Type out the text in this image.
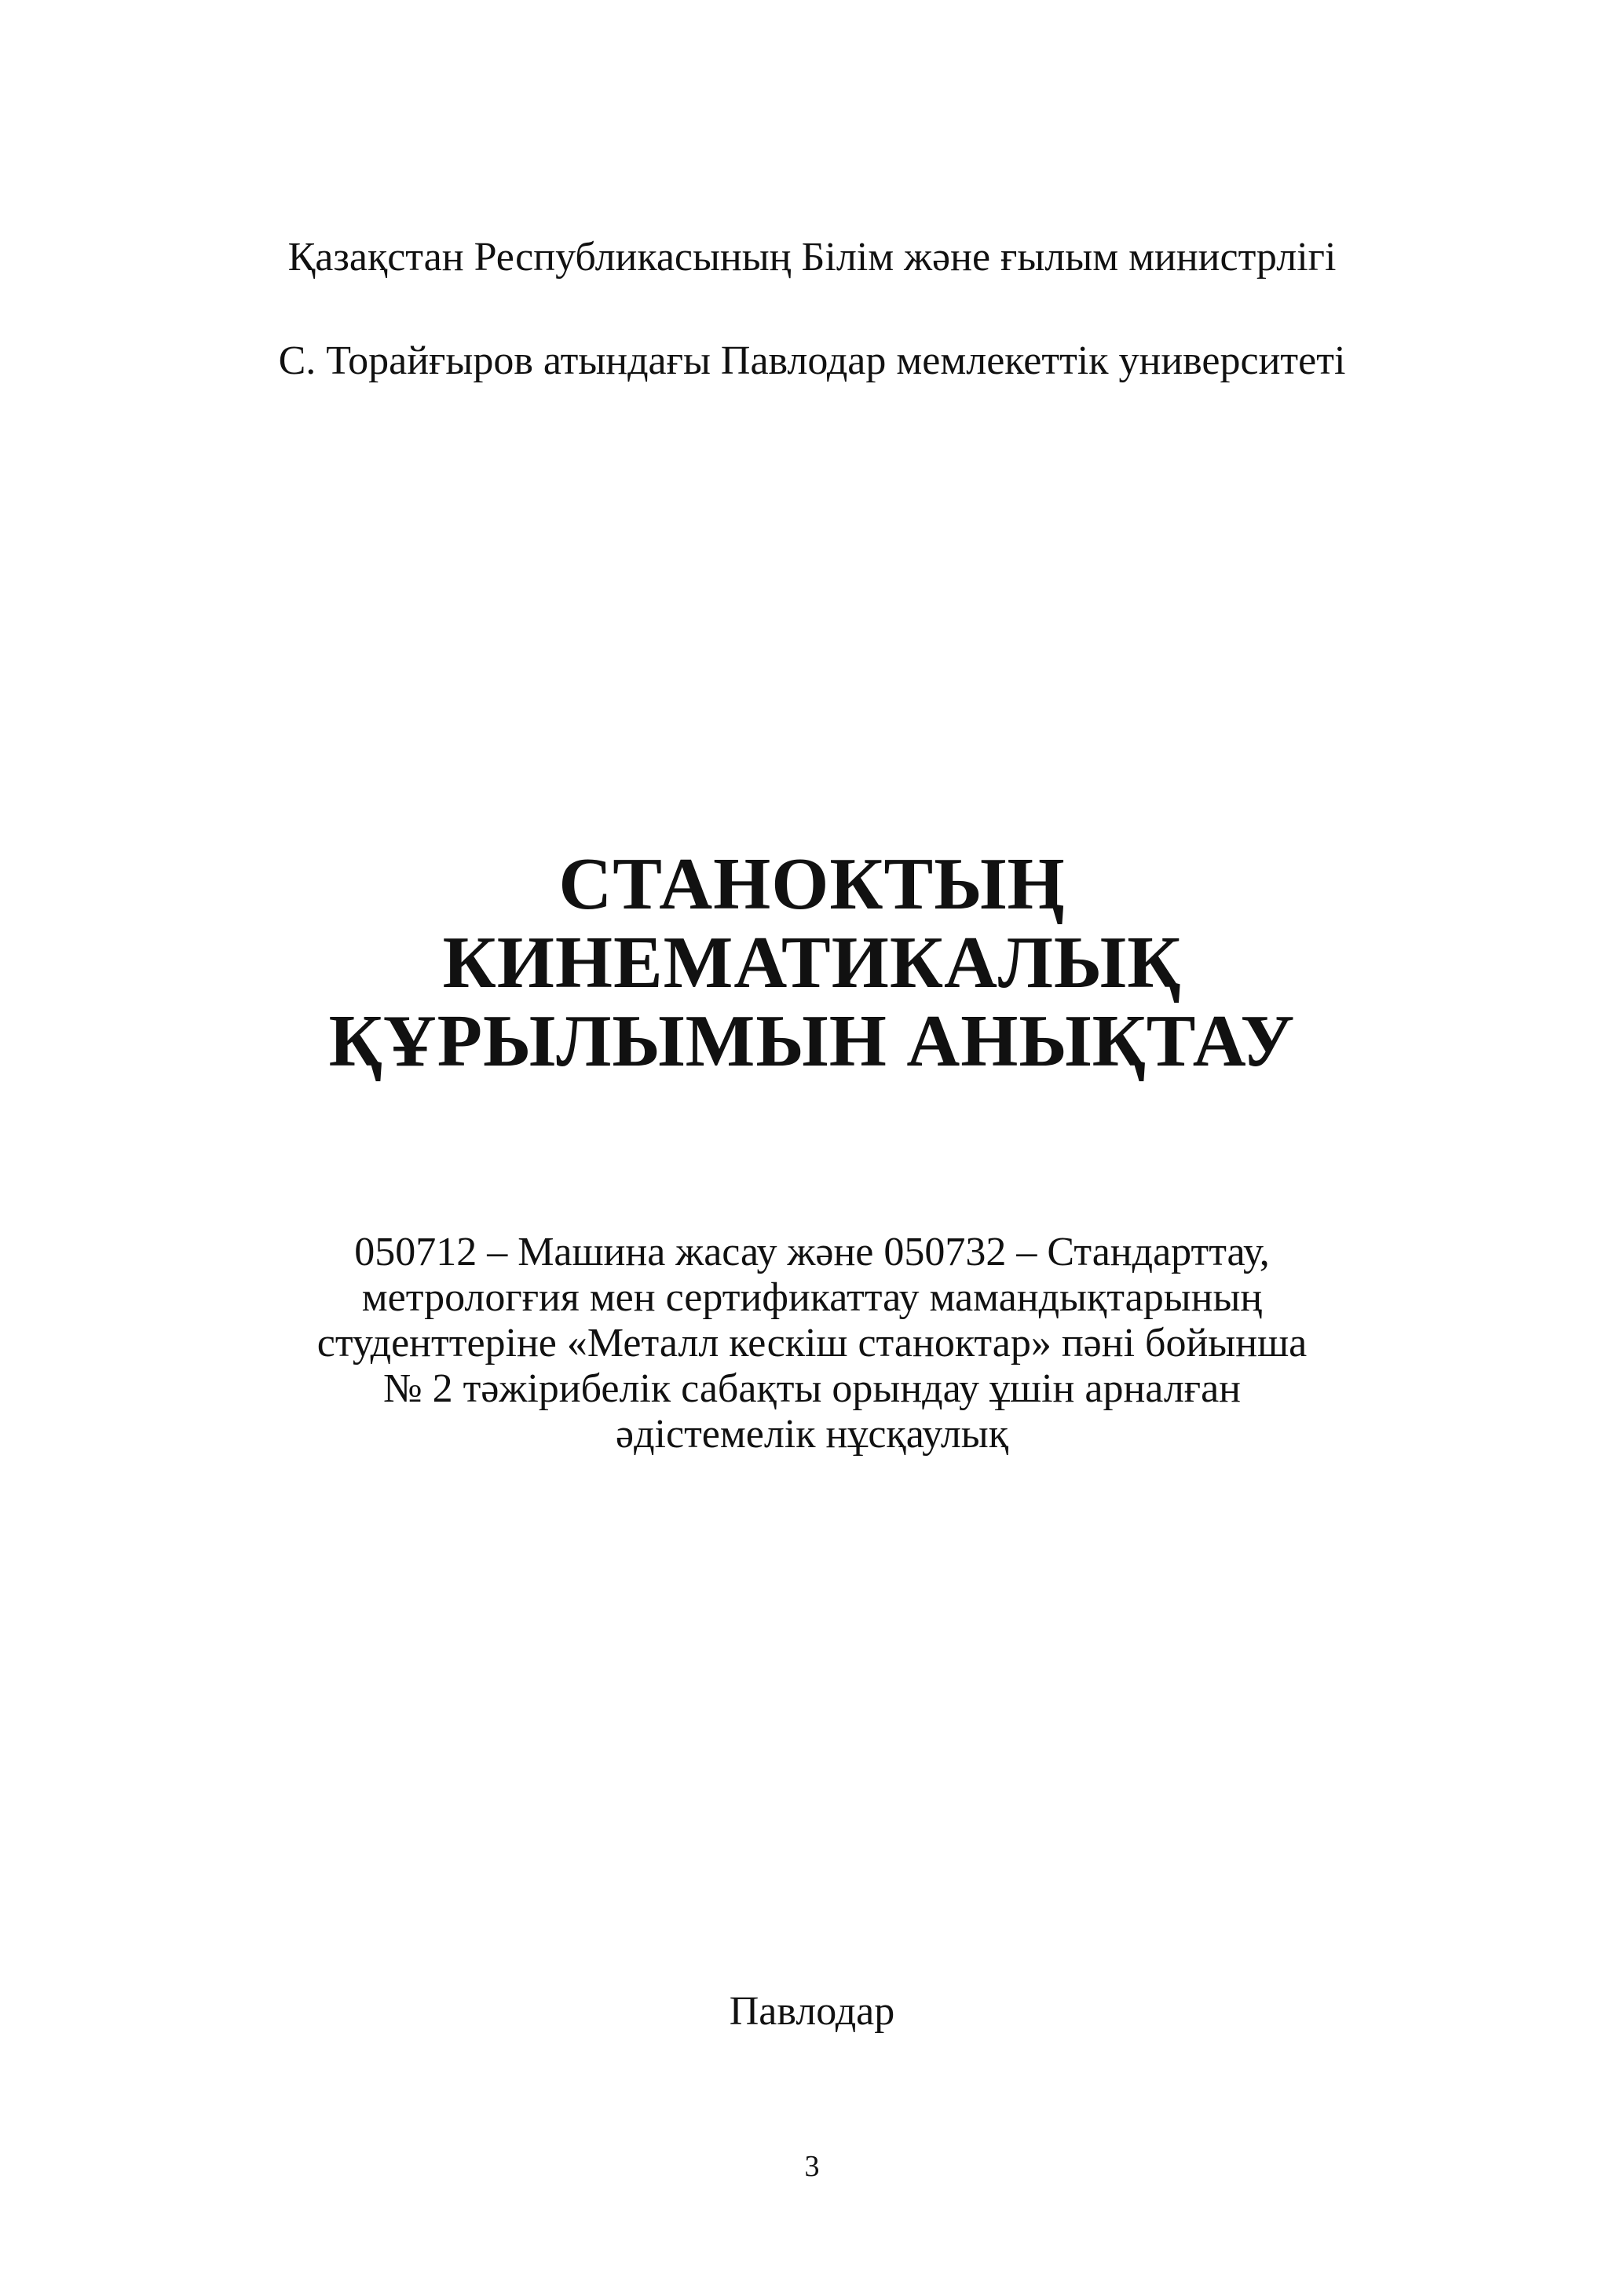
Қазақстан Республикасының Білім және ғылым министрлігі
С. Торайғыров атындағы Павлодар мемлекеттік университеті
СТАНОКТЫҢ
КИНЕМАТИКАЛЫҚ
ҚҰРЫЛЫМЫН АНЫҚТАУ
050712 – Машина жасау және 050732 – Стандарттау,
метрологғия мен сертификаттау мамандықтарының
студенттеріне «Металл кескіш станоктар» пәні бойынша
№ 2 тәжірибелік сабақты орындау ұшін арналған
әдістемелік нұсқаулық
Павлодар
3
